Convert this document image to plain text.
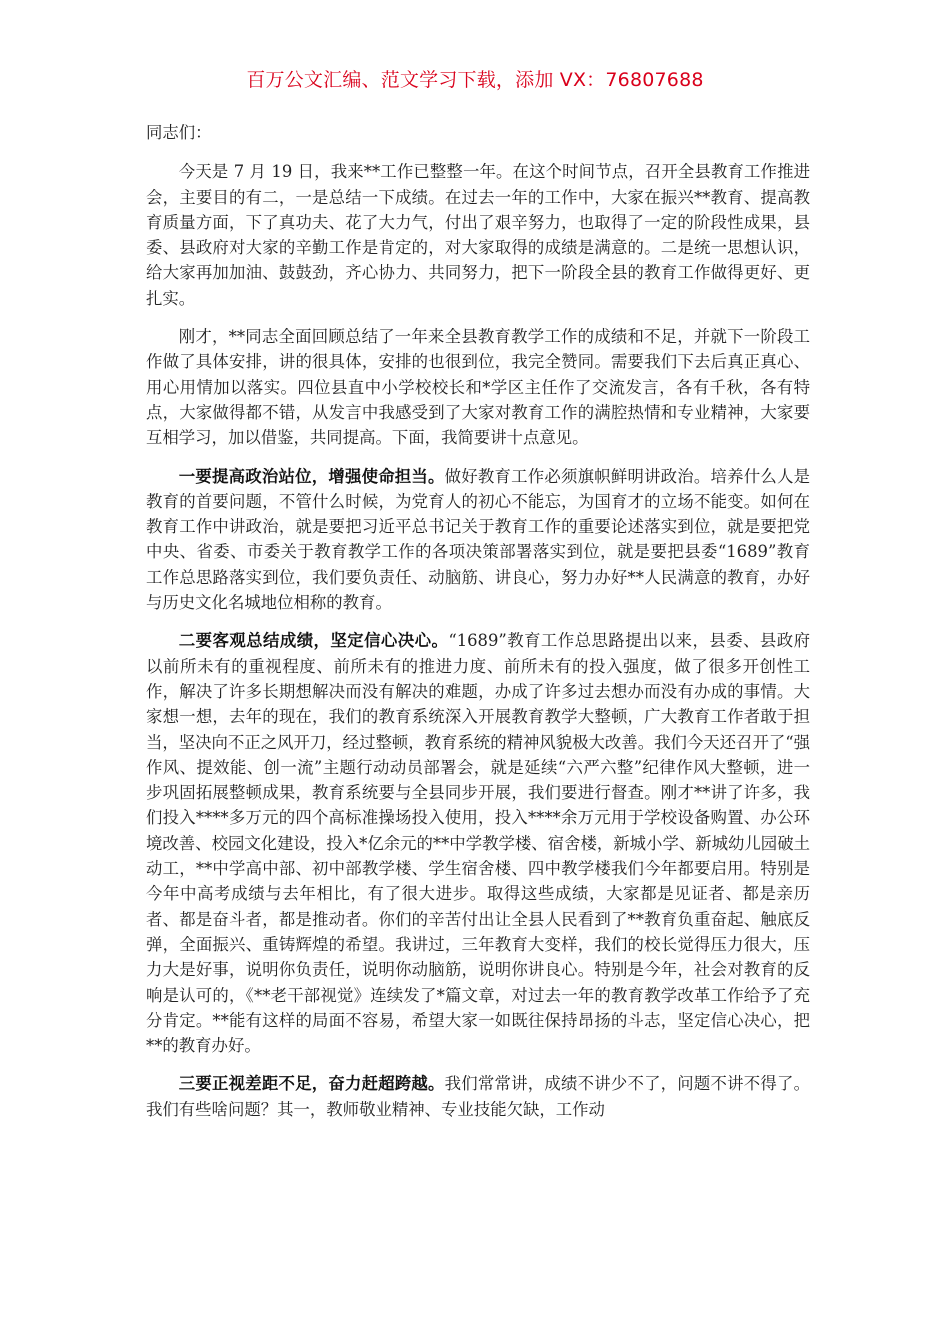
百万公文汇编、范文学习下载，添加 VX：76807688

同志们：

今天是 7 月 19 日，我来**工作已整整一年。在这个时间节点，召开全县教育工作推进会，主要目的有二，一是总结一下成绩。在过去一年的工作中，大家在振兴**教育、提高教育质量方面，下了真功夫、花了大力气，付出了艰辛努力，也取得了一定的阶段性成果，县委、县政府对大家的辛勤工作是肯定的，对大家取得的成绩是满意的。二是统一思想认识，给大家再加加油、鼓鼓劲，齐心协力、共同努力，把下一阶段全县的教育工作做得更好、更扎实。

刚才，**同志全面回顾总结了一年来全县教育教学工作的成绩和不足，并就下一阶段工作做了具体安排，讲的很具体，安排的也很到位，我完全赞同。需要我们下去后真正真心、用心用情加以落实。四位县直中小学校校长和*学区主任作了交流发言，各有千秋，各有特点，大家做得都不错，从发言中我感受到了大家对教育工作的满腔热情和专业精神，大家要互相学习，加以借鉴，共同提高。下面，我简要讲十点意见。

一要提高政治站位，增强使命担当。做好教育工作必须旗帜鲜明讲政治。培养什么人是教育的首要问题，不管什么时候，为党育人的初心不能忘，为国育才的立场不能变。如何在教育工作中讲政治，就是要把习近平总书记关于教育工作的重要论述落实到位，就是要把党中央、省委、市委关于教育教学工作的各项决策部署落实到位，就是要把县委“1689”教育工作总思路落实到位，我们要负责任、动脑筋、讲良心，努力办好**人民满意的教育，办好与历史文化名城地位相称的教育。

二要客观总结成绩，坚定信心决心。“1689”教育工作总思路提出以来，县委、县政府以前所未有的重视程度、前所未有的推进力度、前所未有的投入强度，做了很多开创性工作，解决了许多长期想解决而没有解决的难题，办成了许多过去想办而没有办成的事情。大家想一想，去年的现在，我们的教育系统深入开展教育教学大整顿，广大教育工作者敢于担当，坚决向不正之风开刀，经过整顿，教育系统的精神风貌极大改善。我们今天还召开了“强作风、提效能、创一流”主题行动动员部署会，就是延续“六严六整”纪律作风大整顿，进一步巩固拓展整顿成果，教育系统要与全县同步开展，我们要进行督查。刚才**讲了许多，我们投入****多万元的四个高标准操场投入使用，投入****余万元用于学校设备购置、办公环境改善、校园文化建设，投入*亿余元的**中学教学楼、宿舍楼，新城小学、新城幼儿园破土动工，**中学高中部、初中部教学楼、学生宿舍楼、四中教学楼我们今年都要启用。特别是今年中高考成绩与去年相比，有了很大进步。取得这些成绩，大家都是见证者、都是亲历者、都是奋斗者，都是推动者。你们的辛苦付出让全县人民看到了**教育负重奋起、触底反弹，全面振兴、重铸辉煌的希望。我讲过，三年教育大变样，我们的校长觉得压力很大，压力大是好事，说明你负责任，说明你动脑筋，说明你讲良心。特别是今年，社会对教育的反响是认可的，《**老干部视觉》连续发了*篇文章，对过去一年的教育教学改革工作给予了充分肯定。**能有这样的局面不容易，希望大家一如既往保持昂扬的斗志，坚定信心决心，把**的教育办好。

三要正视差距不足，奋力赶超跨越。我们常常讲，成绩不讲少不了，问题不讲不得了。我们有些啥问题？其一，教师敬业精神、专业技能欠缺，工作动
